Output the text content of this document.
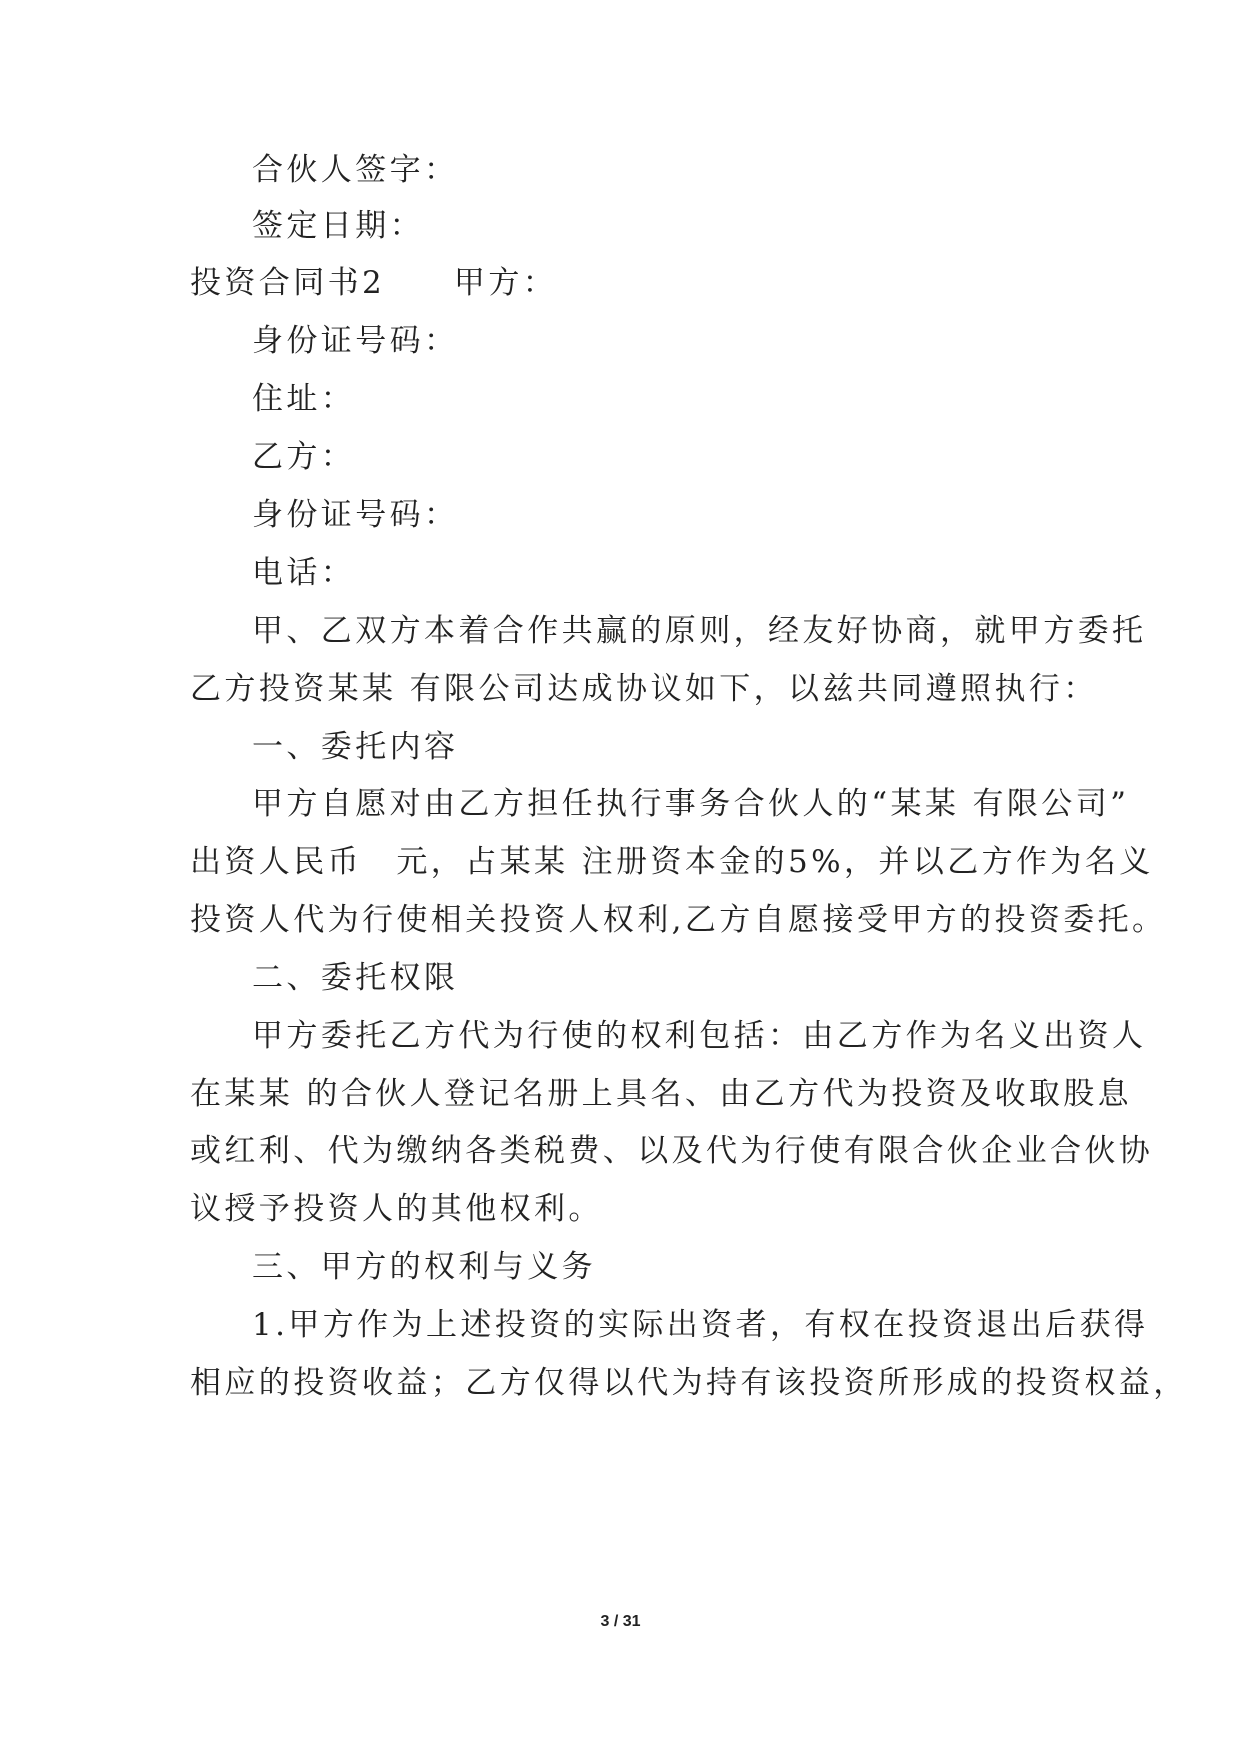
合伙人签字：
签定日期：
投资合同书2　　甲方：
身份证号码：
住址：
乙方：
身份证号码：
电话：
甲、乙双方本着合作共赢的原则，经友好协商，就甲方委托
乙方投资某某 有限公司达成协议如下，以兹共同遵照执行：
一、委托内容
甲方自愿对由乙方担任执行事务合伙人的“某某 有限公司”
出资人民币　元，占某某 注册资本金的5%，并以乙方作为名义
投资人代为行使相关投资人权利,乙方自愿接受甲方的投资委托。
二、委托权限
甲方委托乙方代为行使的权利包括：由乙方作为名义出资人
在某某 的合伙人登记名册上具名、由乙方代为投资及收取股息
或红利、代为缴纳各类税费、以及代为行使有限合伙企业合伙协
议授予投资人的其他权利。
三、甲方的权利与义务
1.甲方作为上述投资的实际出资者，有权在投资退出后获得
相应的投资收益；乙方仅得以代为持有该投资所形成的投资权益，
3 / 31
